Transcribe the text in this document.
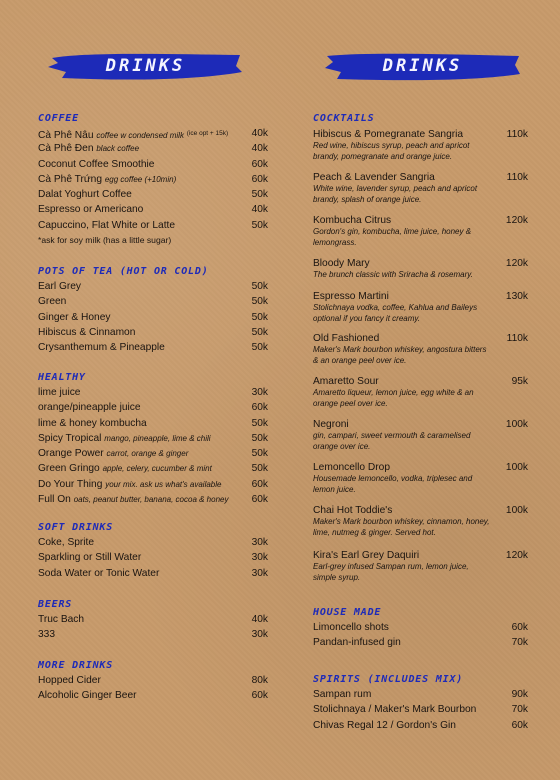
DRINKS	DRINKS
COFFEE
Cà Phê Nâu coffee w condensed milk $^{(ice opt + 15k)}$ 40k
Cà Phê Đen black coffee	40k
Coconut Coffee Smoothie	60k
Cà Phê Trứng egg coffee (+10min)	60k
Dalat Yoghurt Coffee	50k
Espresso or Americano	40k
Capuccino, Flat White or Latte	50k
*ask for soy milk (has a little sugar)
POTS OF TEA (HOT OR COLD)
Earl Grey	50k
Green	50k
Ginger & Honey	50k
Hibiscus & Cinnamon	50k
Crysanthemum & Pineapple	50k
HEALTHY
lime juice	30k
orange/pineapple juice	60k
lime & honey kombucha	50k
Spicy Tropical mango, pineapple, lime & chili	50k
Orange Power carrot, orange & ginger	50k
Green Gringo apple, celery, cucumber & mint	50k
Do Your Thing your mix. ask us what's available	60k
Full On oats, peanut butter, banana, cocoa & honey 60k
SOFT DRINKS
Coke, Sprite	30k
Sparkling or Still Water	30k
Soda Water or Tonic Water	30k
BEERS
Truc Bach	40k
333	30k
MORE DRINKS
Hopped Cider	80k
Alcoholic Ginger Beer	60k
COCKTAILS
Hibiscus & Pomegranate Sangria	110k
Red wine, hibiscus syrup, peach and apricot brandy, pomegranate and orange juice.
Peach & Lavender Sangria	110k
White wine, lavender syrup, peach and apricot brandy, splash of orange juice.
Kombucha Citrus	120k
Gordon's gin, kombucha, lime juice, honey & lemongrass.
Bloody Mary	120k
The brunch classic with Sriracha & rosemary.
Espresso Martini	130k
Stolichnaya vodka, coffee, Kahlua and Baileys optional if you fancy it creamy.
Old Fashioned	110k
Maker's Mark bourbon whiskey, angostura bitters & an orange peel over ice.
Amaretto Sour	95k
Amaretto liqueur, lemon juice, egg white & an orange peel over ice.
Negroni	100k
gin, campari, sweet vermouth & caramelised orange over ice.
Lemoncello Drop	100k
Housemade lemoncello, vodka, triplesec and lemon juice.
Chai Hot Toddie's	100k
Maker's Mark bourbon whiskey, cinnamon, honey, lime, nutmeg & ginger. Served hot.
Kira's Earl Grey Daquiri	120k
Earl-grey infused Sampan rum, lemon juice, simple syrup.
HOUSE MADE
Limoncello shots	60k
Pandan-infused gin	70k
SPIRITS (INCLUDES MIX)
Sampan rum	90k
Stolichnaya / Maker's Mark Bourbon	70k
Chivas Regal 12 / Gordon's Gin	60k
